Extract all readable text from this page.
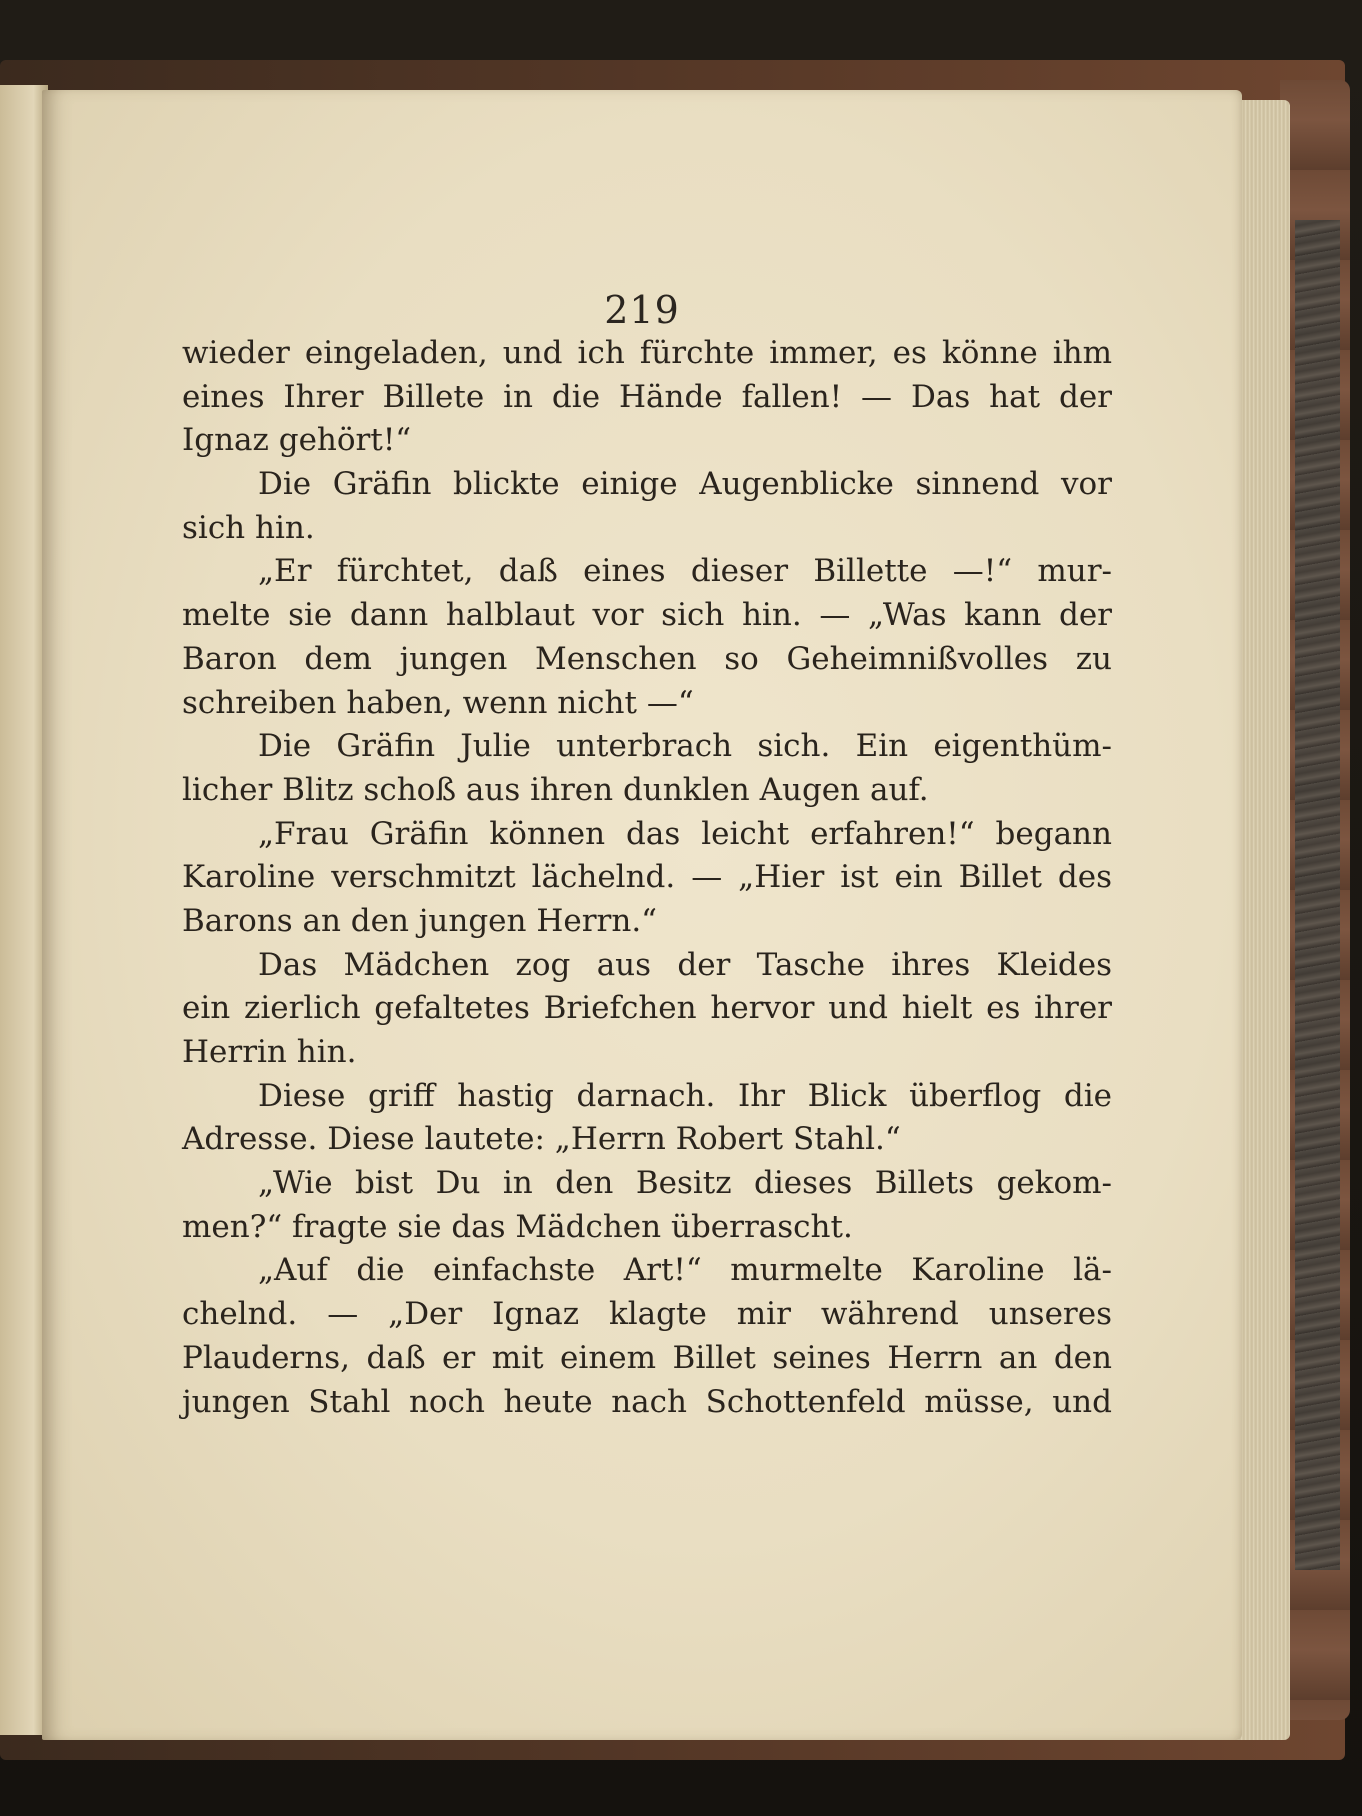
219
wieder eingeladen, und ich fürchte immer, es könne ihm
eines Ihrer Billete in die Hände fallen! — Das hat der
Ignaz gehört!“
Die Gräfin blickte einige Augenblicke sinnend vor
sich hin.
„Er fürchtet, daß eines dieser Billette —!“ mur-
melte sie dann halblaut vor sich hin. — „Was kann der
Baron dem jungen Menschen so Geheimnißvolles zu
schreiben haben, wenn nicht —“
Die Gräfin Julie unterbrach sich. Ein eigenthüm-
licher Blitz schoß aus ihren dunklen Augen auf.
„Frau Gräfin können das leicht erfahren!“ begann
Karoline verschmitzt lächelnd. — „Hier ist ein Billet des
Barons an den jungen Herrn.“
Das Mädchen zog aus der Tasche ihres Kleides
ein zierlich gefaltetes Briefchen hervor und hielt es ihrer
Herrin hin.
Diese griff hastig darnach. Ihr Blick überflog die
Adresse. Diese lautete: „Herrn Robert Stahl.“
„Wie bist Du in den Besitz dieses Billets gekom-
men?“ fragte sie das Mädchen überrascht.
„Auf die einfachste Art!“ murmelte Karoline lä-
chelnd. — „Der Ignaz klagte mir während unseres
Plauderns, daß er mit einem Billet seines Herrn an den
jungen Stahl noch heute nach Schottenfeld müsse, und
